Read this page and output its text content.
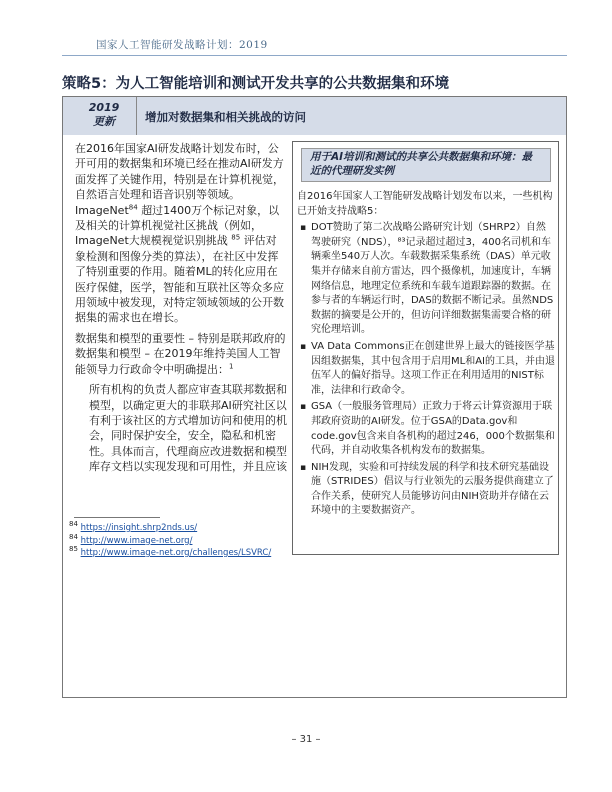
国家人工智能研发战略计划：2019
策略5：为人工智能培训和测试开发共享的公共数据集和环境
2019
更新	增加对数据集和相关挑战的访问

在2016年国家AI研发战略计划发布时，公开可用的数据集和环境已经在推动AI研发方面发挥了关键作用，特别是在计算机视觉，自然语言处理和语音识别等领域。ImageNet$^{84}$ 超过1400万个标记对象，以及相关的计算机视觉社区挑战（例如，ImageNet大规模视觉识别挑战 $^{85}$ 评估对象检测和图像分类的算法），在社区中发挥了特别重要的作用。随着ML的转化应用在医疗保健，医学，智能和互联社区等众多应用领域中被发现，对特定领域领域的公开数据集的需求也在增长。

数据集和模型的重要性 – 特别是联邦政府的数据集和模型 – 在2019年维持美国人工智能领导力行政命令中明确提出：$^1$

所有机构的负责人都应审查其联邦数据和模型，以确定更大的非联邦AI研究社区以有利于该社区的方式增加访问和使用的机会，同时保护安全，安全，隐私和机密性。具体而言，代理商应改进数据和模型库存文档以实现发现和可用性，并且应该

$^{84}$ https://insight.shrp2nds.us/
$^{84}$ http://www.image-net.org/
$^{85}$ http://www.image-net.org/challenges/LSVRC/
用于AI培训和测试的共享公共数据集和环境：最近的代理研发实例

自2016年国家人工智能研发战略计划发布以来，一些机构已开始支持战略5：

▪ DOT赞助了第二次战略公路研究计划（SHRP2）自然驾驶研究（NDS），⁸³记录超过超过3，400名司机和车辆乘坐540万人次。车载数据采集系统（DAS）单元收集并存储来自前方雷达，四个摄像机，加速度计，车辆网络信息，地理定位系统和车载车道跟踪器的数据。在参与者的车辆运行时，DAS的数据不断记录。虽然NDS数据的摘要是公开的，但访问详细数据集需要合格的研究伦理培训。
▪ VA Data Commons正在创建世界上最大的链接医学基因组数据集，其中包含用于启用ML和AI的工具，并由退伍军人的偏好指导。这项工作正在利用适用的NIST标准，法律和行政命令。
▪ GSA（一般服务管理局）正致力于将云计算资源用于联邦政府资助的AI研发。位于GSA的Data.gov和code.gov包含来自各机构的超过246，000个数据集和代码，并自动收集各机构发布的数据集。
▪ NIH发现，实验和可持续发展的科学和技术研究基础设施（STRIDES）倡议与行业领先的云服务提供商建立了合作关系，使研究人员能够访问由NIH资助并存储在云环境中的主要数据资产。
– 31 –
